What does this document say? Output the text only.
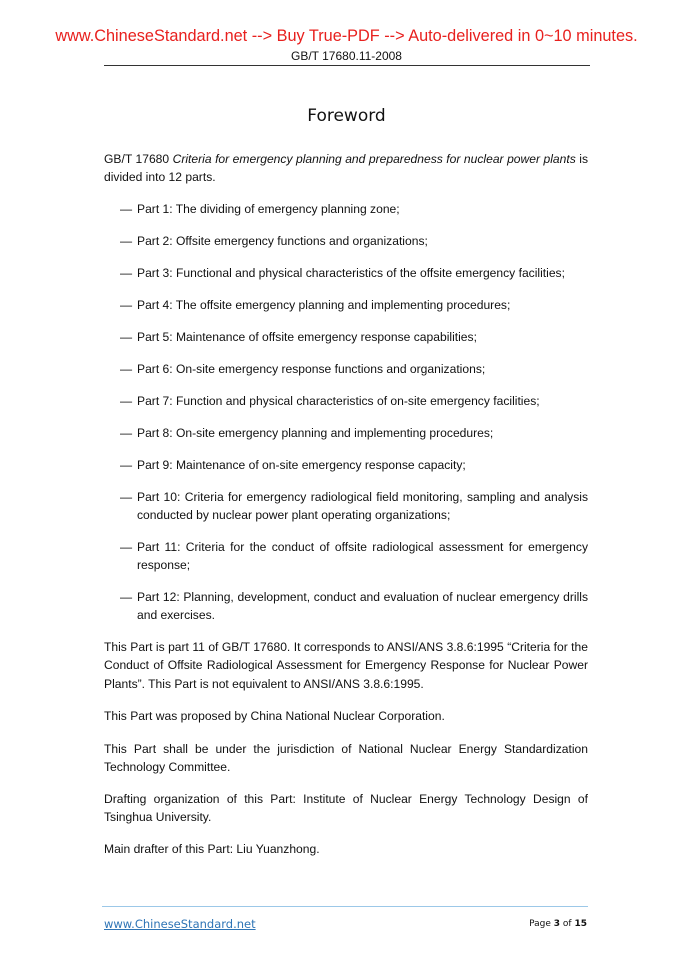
www.ChineseStandard.net --> Buy True-PDF --> Auto-delivered in 0~10 minutes.
GB/T 17680.11-2008
Foreword
GB/T 17680 Criteria for emergency planning and preparedness for nuclear power plants is divided into 12 parts.
— Part 1: The dividing of emergency planning zone;
— Part 2: Offsite emergency functions and organizations;
— Part 3: Functional and physical characteristics of the offsite emergency facilities;
— Part 4: The offsite emergency planning and implementing procedures;
— Part 5: Maintenance of offsite emergency response capabilities;
— Part 6: On-site emergency response functions and organizations;
— Part 7: Function and physical characteristics of on-site emergency facilities;
— Part 8: On-site emergency planning and implementing procedures;
— Part 9: Maintenance of on-site emergency response capacity;
— Part 10: Criteria for emergency radiological field monitoring, sampling and analysis conducted by nuclear power plant operating organizations;
— Part 11: Criteria for the conduct of offsite radiological assessment for emergency response;
— Part 12: Planning, development, conduct and evaluation of nuclear emergency drills and exercises.
This Part is part 11 of GB/T 17680. It corresponds to ANSI/ANS 3.8.6:1995 “Criteria for the Conduct of Offsite Radiological Assessment for Emergency Response for Nuclear Power Plants”. This Part is not equivalent to ANSI/ANS 3.8.6:1995.
This Part was proposed by China National Nuclear Corporation.
This Part shall be under the jurisdiction of National Nuclear Energy Standardization Technology Committee.
Drafting organization of this Part: Institute of Nuclear Energy Technology Design of Tsinghua University.
Main drafter of this Part: Liu Yuanzhong.
www.ChineseStandard.net	Page 3 of 15
